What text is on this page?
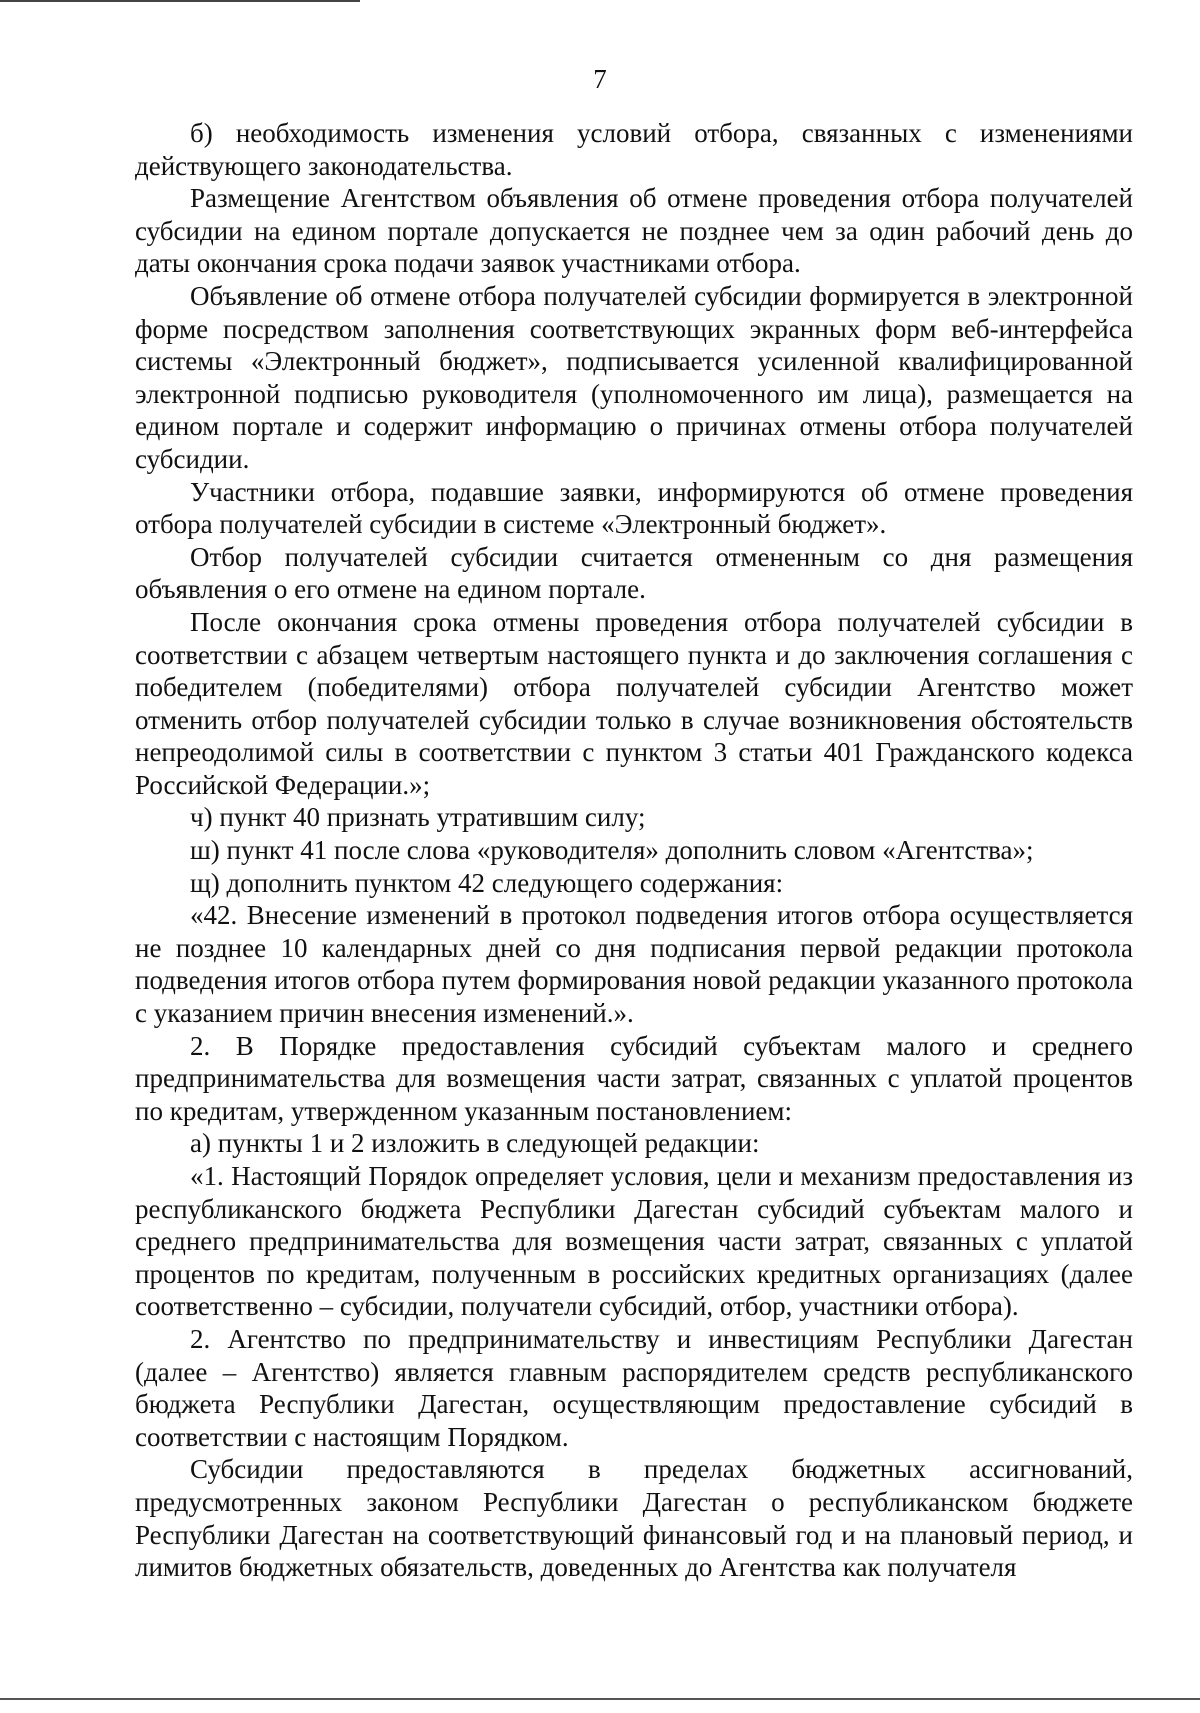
7

б) необходимость изменения условий отбора, связанных с изменениями действующего законодательства.

Размещение Агентством объявления об отмене проведения отбора получателей субсидии на едином портале допускается не позднее чем за один рабочий день до даты окончания срока подачи заявок участниками отбора.

Объявление об отмене отбора получателей субсидии формируется в электронной форме посредством заполнения соответствующих экранных форм веб-интерфейса системы «Электронный бюджет», подписывается усиленной квалифицированной электронной подписью руководителя (уполномоченного им лица), размещается на едином портале и содержит информацию о причинах отмены отбора получателей субсидии.

Участники отбора, подавшие заявки, информируются об отмене проведения отбора получателей субсидии в системе «Электронный бюджет».

Отбор получателей субсидии считается отмененным со дня размещения объявления о его отмене на едином портале.

После окончания срока отмены проведения отбора получателей субсидии в соответствии с абзацем четвертым настоящего пункта и до заключения соглашения с победителем (победителями) отбора получателей субсидии Агентство может отменить отбор получателей субсидии только в случае возникновения обстоятельств непреодолимой силы в соответствии с пунктом 3 статьи 401 Гражданского кодекса Российской Федерации.»;

ч) пункт 40 признать утратившим силу;

ш) пункт 41 после слова «руководителя» дополнить словом «Агентства»;

щ) дополнить пунктом 42 следующего содержания:

«42. Внесение изменений в протокол подведения итогов отбора осуществляется не позднее 10 календарных дней со дня подписания первой редакции протокола подведения итогов отбора путем формирования новой редакции указанного протокола с указанием причин внесения изменений.».

2. В Порядке предоставления субсидий субъектам малого и среднего предпринимательства для возмещения части затрат, связанных с уплатой процентов по кредитам, утвержденном указанным постановлением:

а) пункты 1 и 2 изложить в следующей редакции:

«1. Настоящий Порядок определяет условия, цели и механизм предоставления из республиканского бюджета Республики Дагестан субсидий субъектам малого и среднего предпринимательства для возмещения части затрат, связанных с уплатой процентов по кредитам, полученным в российских кредитных организациях (далее соответственно – субсидии, получатели субсидий, отбор, участники отбора).

2. Агентство по предпринимательству и инвестициям Республики Дагестан (далее – Агентство) является главным распорядителем средств республиканского бюджета Республики Дагестан, осуществляющим предоставление субсидий в соответствии с настоящим Порядком.

Субсидии предоставляются в пределах бюджетных ассигнований, предусмотренных законом Республики Дагестан о республиканском бюджете Республики Дагестан на соответствующий финансовый год и на плановый период, и лимитов бюджетных обязательств, доведенных до Агентства как получателя
